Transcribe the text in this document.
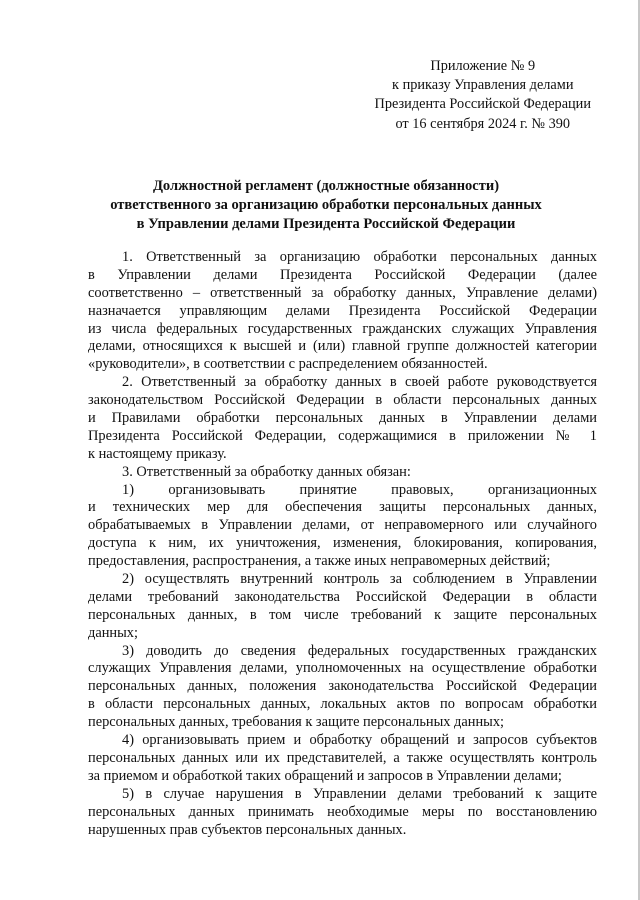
Приложение № 9
к приказу Управления делами
Президента Российской Федерации
от 16 сентября 2024 г. № 390
Должностной регламент (должностные обязанности)
ответственного за организацию обработки персональных данных
в Управлении делами Президента Российской Федерации
1. Ответственный за организацию обработки персональных данных
в Управлении делами Президента Российской Федерации (далее
соответственно – ответственный за обработку данных, Управление делами)
назначается управляющим делами Президента Российской Федерации
из числа федеральных государственных гражданских служащих Управления
делами, относящихся к высшей и (или) главной группе должностей категории
«руководители», в соответствии с распределением обязанностей.
2. Ответственный за обработку данных в своей работе руководствуется
законодательством Российской Федерации в области персональных данных
и Правилами обработки персональных данных в Управлении делами
Президента Российской Федерации, содержащимися в приложении № 1
к настоящему приказу.
3. Ответственный за обработку данных обязан:
1) организовывать принятие правовых, организационных
и технических мер для обеспечения защиты персональных данных,
обрабатываемых в Управлении делами, от неправомерного или случайного
доступа к ним, их уничтожения, изменения, блокирования, копирования,
предоставления, распространения, а также иных неправомерных действий;
2) осуществлять внутренний контроль за соблюдением в Управлении
делами требований законодательства Российской Федерации в области
персональных данных, в том числе требований к защите персональных
данных;
3) доводить до сведения федеральных государственных гражданских
служащих Управления делами, уполномоченных на осуществление обработки
персональных данных, положения законодательства Российской Федерации
в области персональных данных, локальных актов по вопросам обработки
персональных данных, требования к защите персональных данных;
4) организовывать прием и обработку обращений и запросов субъектов
персональных данных или их представителей, а также осуществлять контроль
за приемом и обработкой таких обращений и запросов в Управлении делами;
5) в случае нарушения в Управлении делами требований к защите
персональных данных принимать необходимые меры по восстановлению
нарушенных прав субъектов персональных данных.
